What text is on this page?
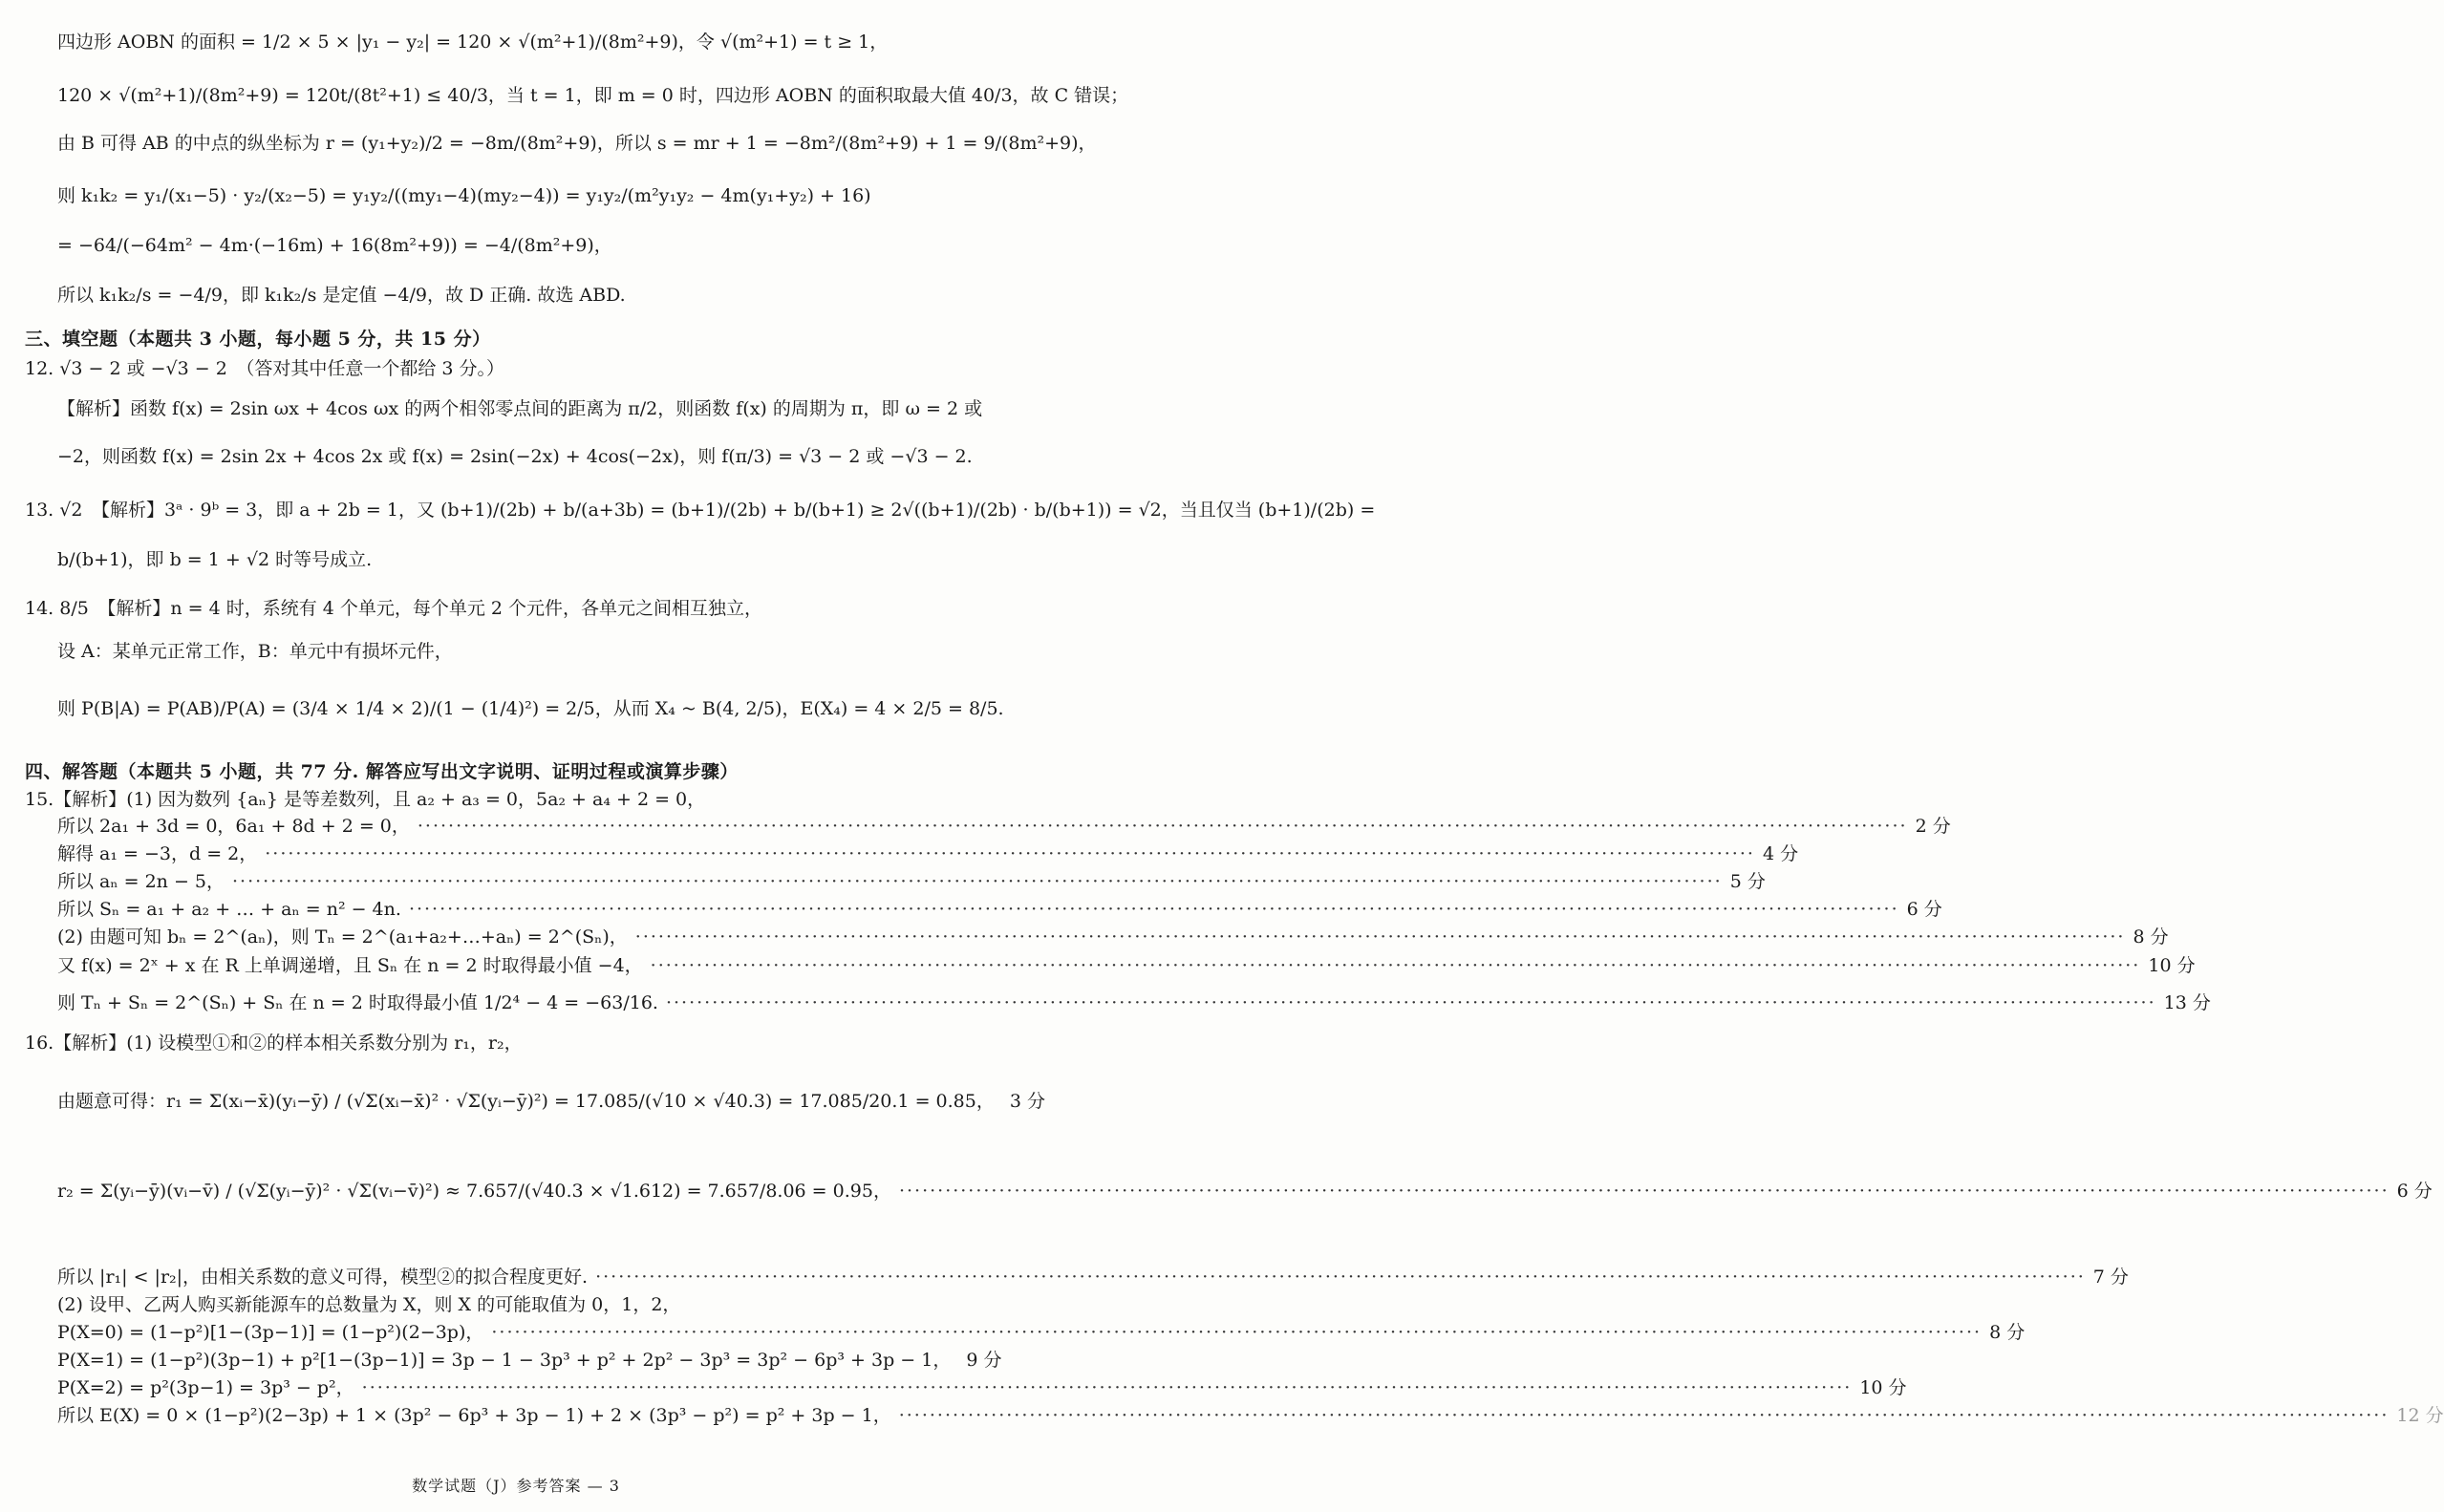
四边形 AOBN 的面积 = 1/2 × 5 × |y₁ − y₂| = 120 × √(m²+1)/(8m²+9)，令 √(m²+1) = t ≥ 1，
120 × √(m²+1)/(8m²+9) = 120t/(8t²+1) ≤ 40/3，当 t = 1，即 m = 0 时，四边形 AOBN 的面积取最大值 40/3，故 C 错误；
由 B 可得 AB 的中点的纵坐标为 r = (y₁+y₂)/2 = −8m/(8m²+9)，所以 s = mr + 1 = −8m²/(8m²+9) + 1 = 9/(8m²+9)，
则 k₁k₂ = y₁/(x₁−5) · y₂/(x₂−5) = y₁y₂/((my₁−4)(my₂−4)) = y₁y₂/(m²y₁y₂ − 4m(y₁+y₂) + 16)
= −64/(−64m² − 4m·(−16m) + 16(8m²+9)) = −4/(8m²+9)，
所以 k₁k₂/s = −4/9，即 k₁k₂/s 是定值 −4/9，故 D 正确. 故选 ABD.
三、填空题（本题共 3 小题，每小题 5 分，共 15 分）
12. √3 − 2 或 −√3 − 2　（答对其中任意一个都给 3 分。）
【解析】函数 f(x) = 2sin ωx + 4cos ωx 的两个相邻零点间的距离为 π/2，则函数 f(x) 的周期为 π，即 ω = 2 或
−2，则函数 f(x) = 2sin 2x + 4cos 2x 或 f(x) = 2sin(−2x) + 4cos(−2x)，则 f(π/3) = √3 − 2 或 −√3 − 2.
13. √2　【解析】3ᵃ · 9ᵇ = 3，即 a + 2b = 1，又 (b+1)/(2b) + b/(a+3b) = (b+1)/(2b) + b/(b+1) ≥ 2√((b+1)/(2b) · b/(b+1)) = √2，当且仅当 (b+1)/(2b) =
b/(b+1)，即 b = 1 + √2 时等号成立.
14. 8/5　【解析】n = 4 时，系统有 4 个单元，每个单元 2 个元件，各单元之间相互独立，
设 A：某单元正常工作，B：单元中有损坏元件，
则 P(B|A) = P(AB)/P(A) = (3/4 × 1/4 × 2)/(1 − (1/4)²) = 2/5，从而 X₄ ~ B(4, 2/5)，E(X₄) = 4 × 2/5 = 8/5.
四、解答题（本题共 5 小题，共 77 分. 解答应写出文字说明、证明过程或演算步骤）
15.【解析】(1) 因为数列 {aₙ} 是等差数列，且 a₂ + a₃ = 0，5a₂ + a₄ + 2 = 0，
所以 2a₁ + 3d = 0，6a₁ + 8d + 2 = 0， ·····	2 分
解得 a₁ = −3，d = 2， ·····	4 分
所以 aₙ = 2n − 5， ·····	5 分
所以 Sₙ = a₁ + a₂ + … + aₙ = n² − 4n. ·····	6 分
(2) 由题可知 bₙ = 2^(aₙ)，则 Tₙ = 2^(a₁+a₂+…+aₙ) = 2^(Sₙ)， ·····	8 分
又 f(x) = 2ˣ + x 在 R 上单调递增，且 Sₙ 在 n = 2 时取得最小值 −4， ·····	10 分
则 Tₙ + Sₙ = 2^(Sₙ) + Sₙ 在 n = 2 时取得最小值 1/2⁴ − 4 = −63/16. ·····	13 分
16.【解析】(1) 设模型①和②的样本相关系数分别为 r₁，r₂，
由题意可得：r₁ = Σ(xᵢ−x̄)(yᵢ−ȳ) / (√Σ(xᵢ−x̄)² · √Σ(yᵢ−ȳ)²) = 17.085/(√10 × √40.3) = 17.085/20.1 = 0.85， 3 分
r₂ = Σ(yᵢ−ȳ)(vᵢ−v̄) / (√Σ(yᵢ−ȳ)² · √Σ(vᵢ−v̄)²) ≈ 7.657/(√40.3 × √1.612) = 7.657/8.06 = 0.95， ·····	6 分
所以 |r₁| < |r₂|，由相关系数的意义可得，模型②的拟合程度更好. ·····	7 分
(2) 设甲、乙两人购买新能源车的总数量为 X，则 X 的可能取值为 0，1，2，
P(X=0) = (1−p²)[1−(3p−1)] = (1−p²)(2−3p)， ·····	8 分
P(X=1) = (1−p²)(3p−1) + p²[1−(3p−1)] = 3p − 1 − 3p³ + p² + 2p² − 3p³ = 3p² − 6p³ + 3p − 1， 9 分
P(X=2) = p²(3p−1) = 3p³ − p²， ·····	10 分
所以 E(X) = 0 × (1−p²)(2−3p) + 1 × (3p² − 6p³ + 3p − 1) + 2 × (3p³ − p²) = p² + 3p − 1， ·····	12 分
数学试题（J）参考答案 — 3
